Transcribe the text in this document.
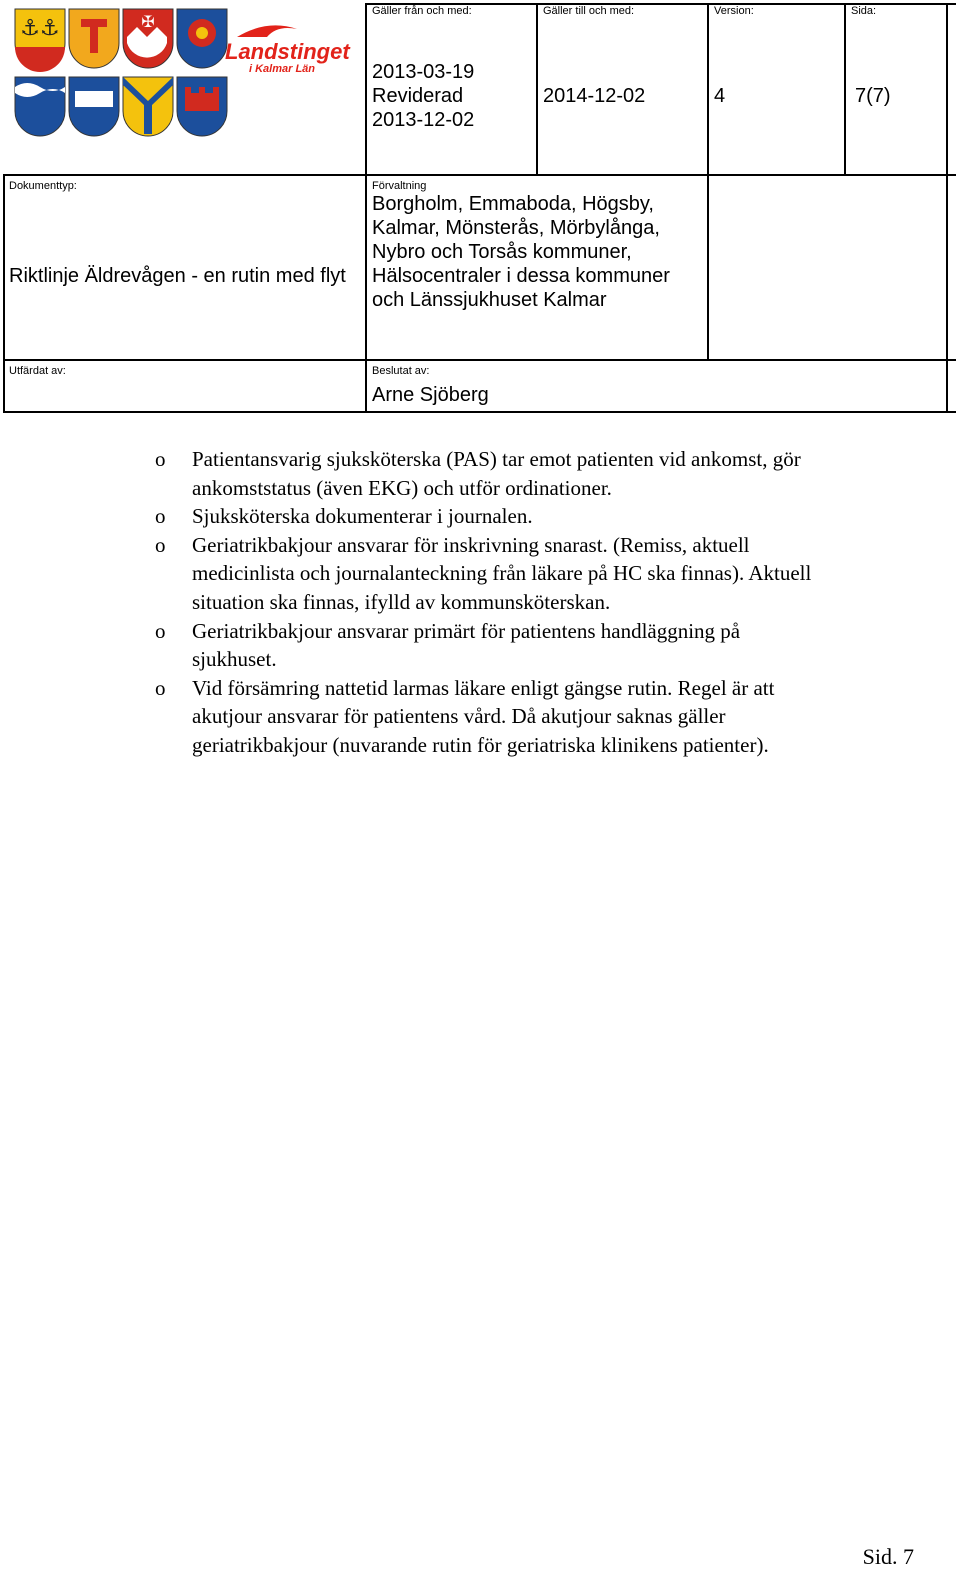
⚓⚓	✠
Landstinget
i Kalmar Län
Gäller från och med:
2013-03-19
Reviderad
2013-12-02
Gäller till och med:
2014-12-02
Version:
4
Sida:
7(7)
Dokumenttyp:
Riktlinje Äldrevågen - en rutin med flyt
Förvaltning
Borgholm, Emmaboda, Högsby,
Kalmar, Mönsterås, Mörbylånga,
Nybro och Torsås kommuner,
Hälsocentraler i dessa kommuner
och Länssjukhuset Kalmar
Utfärdat av:	Beslutat av:
Arne Sjöberg
o Patientansvarig sjuksköterska (PAS) tar emot patienten vid ankomst, gör
ankomststatus (även EKG) och utför ordinationer.
o Sjuksköterska dokumenterar i journalen.
o Geriatrikbakjour ansvarar för inskrivning snarast. (Remiss, aktuell
medicinlista och journalanteckning från läkare på HC ska finnas). Aktuell
situation ska finnas, ifylld av kommunsköterskan.
o Geriatrikbakjour ansvarar primärt för patientens handläggning på
sjukhuset.
o Vid försämring nattetid larmas läkare enligt gängse rutin. Regel är att
akutjour ansvarar för patientens vård. Då akutjour saknas gäller
geriatrikbakjour (nuvarande rutin för geriatriska klinikens patienter).
Sid. 7
